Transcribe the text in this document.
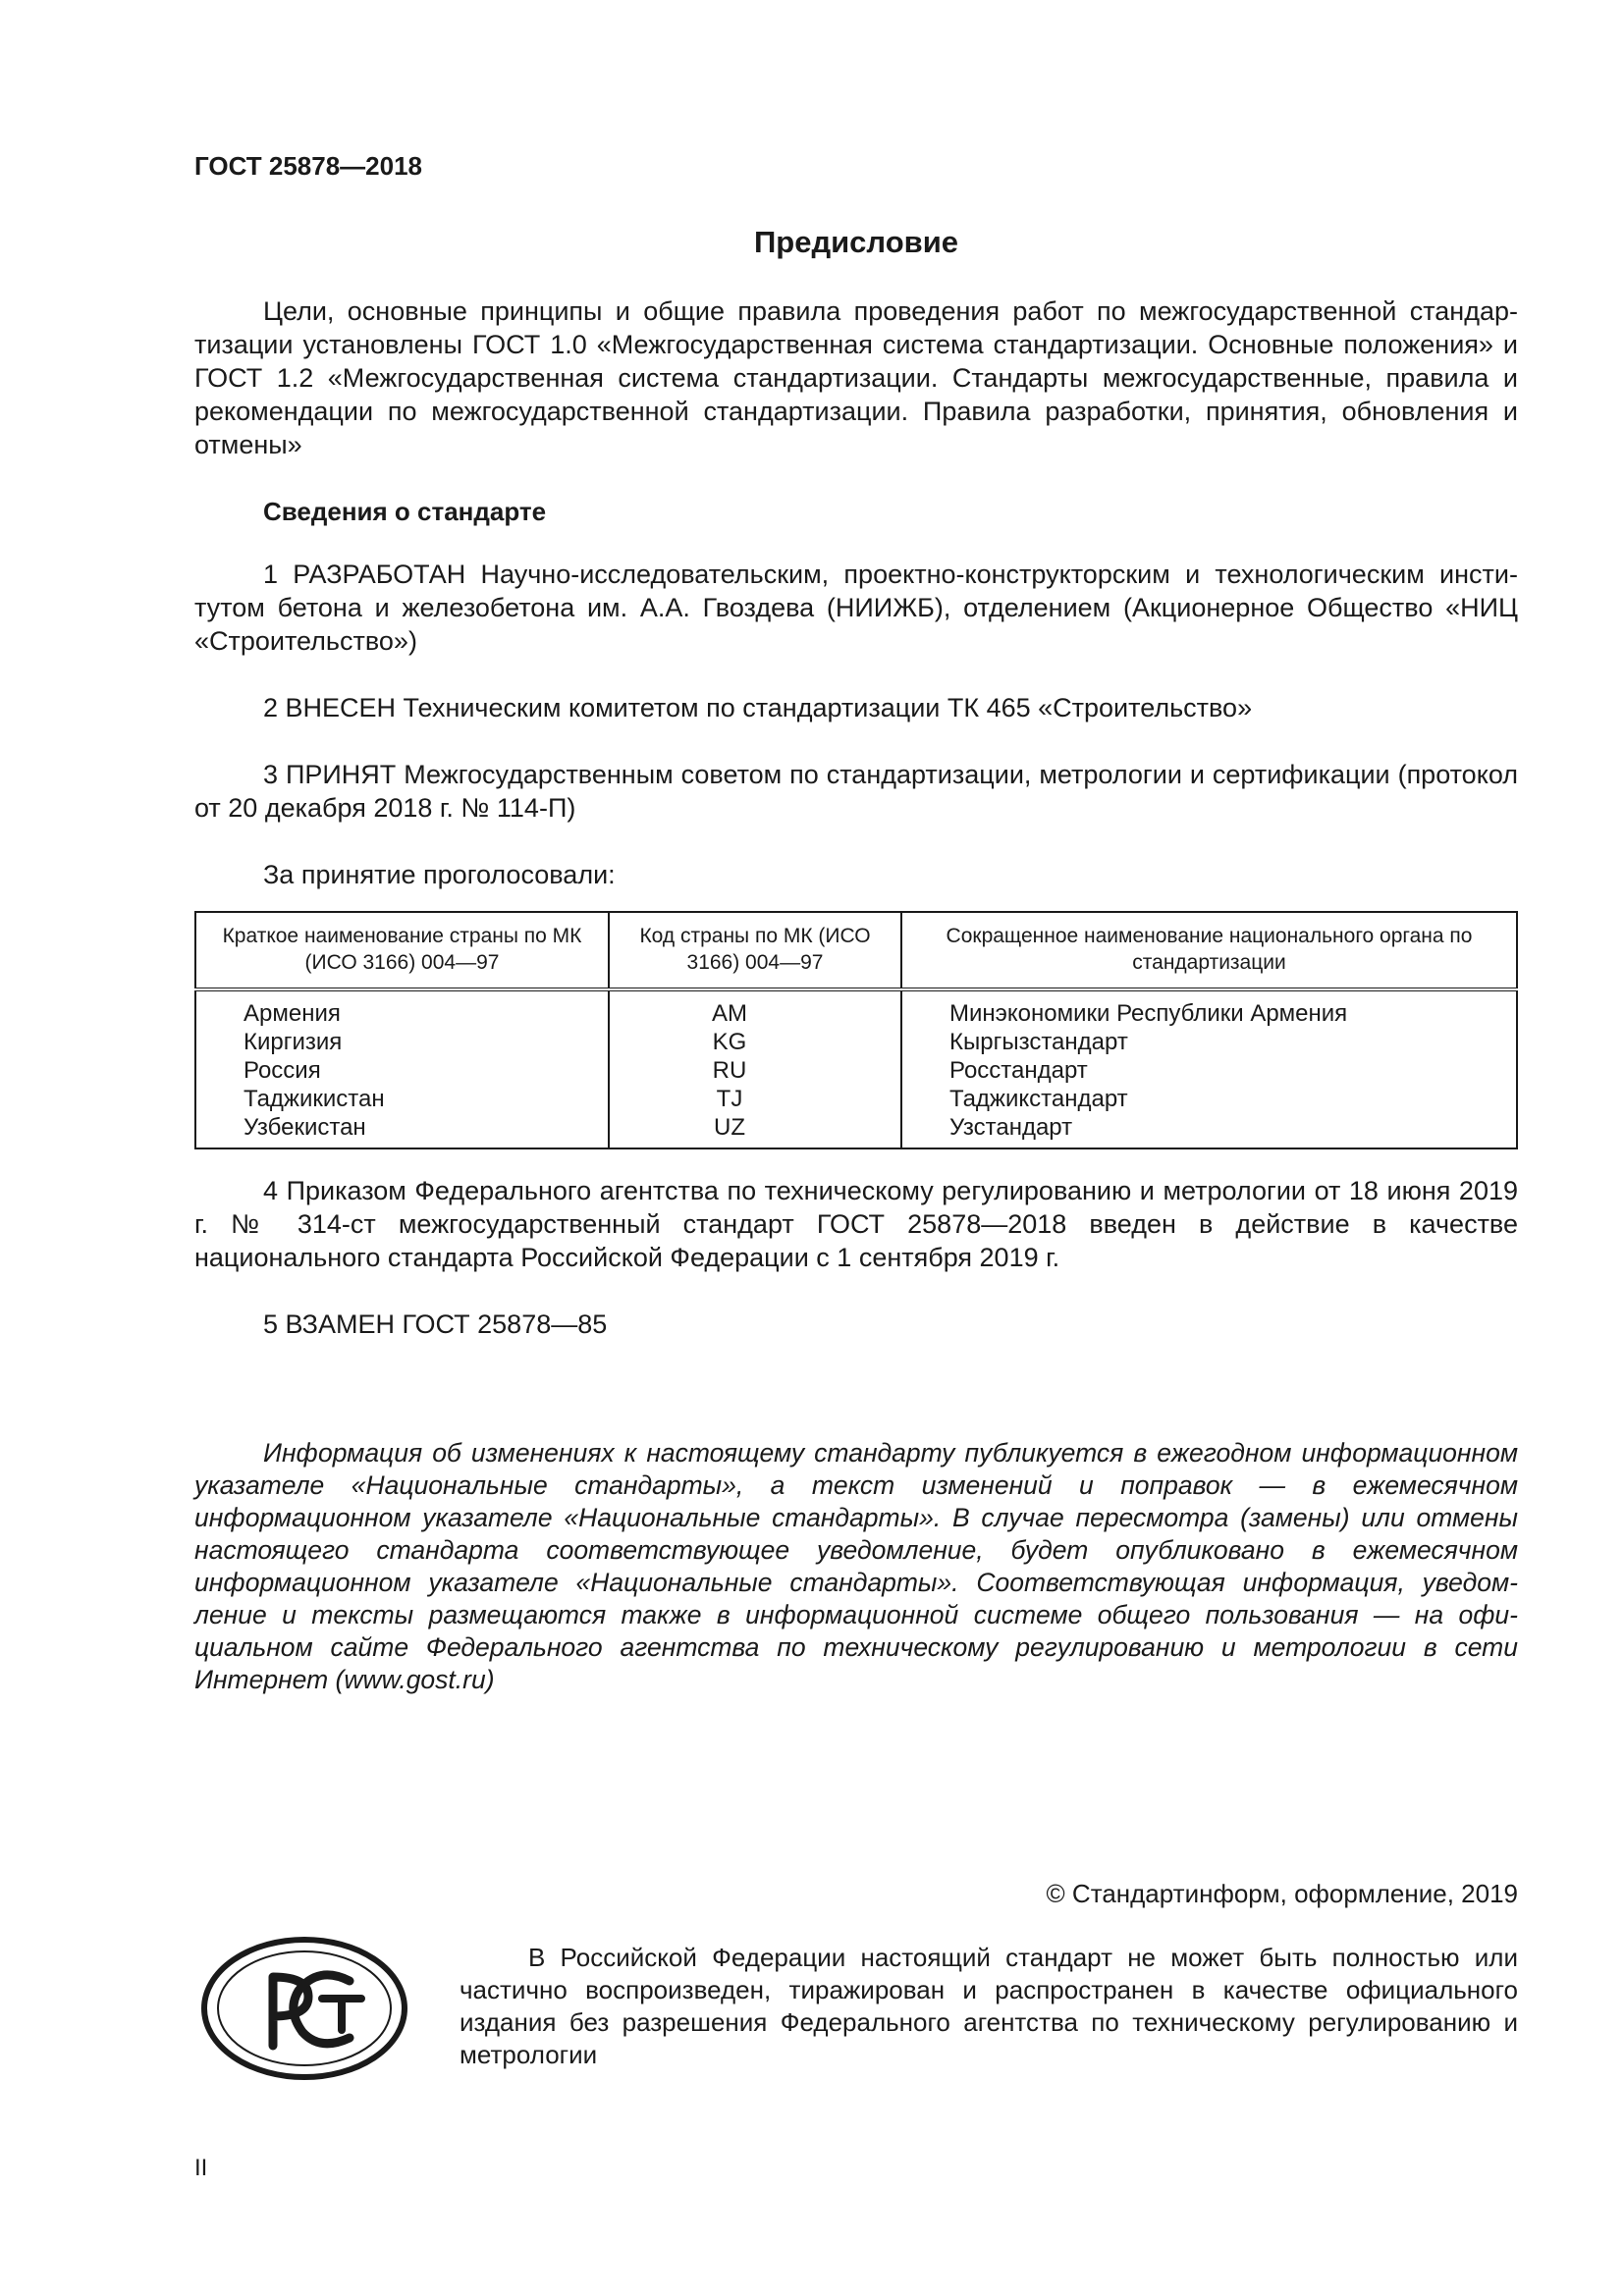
ГОСТ 25878—2018
Предисловие

Цели, основные принципы и общие правила проведения работ по межгосударственной стандартизации установлены ГОСТ 1.0 «Межгосударственная система стандартизации. Основные положения» и ГОСТ 1.2 «Межгосударственная система стандартизации. Стандарты межгосударственные, правила и рекомендации по межгосударственной стандартизации. Правила разработки, принятия, обновления и отмены»

Сведения о стандарте

1 РАЗРАБОТАН Научно-исследовательским, проектно-конструкторским и технологическим институтом бетона и железобетона им. А.А. Гвоздева (НИИЖБ), отделением (Акционерное Общество «НИЦ «Строительство»)

2 ВНЕСЕН Техническим комитетом по стандартизации ТК 465 «Строительство»

3 ПРИНЯТ Межгосударственным советом по стандартизации, метрологии и сертификации (протокол от 20 декабря 2018 г. № 114-П)

За принятие проголосовали:
Краткое наименование страны по МК (ИСО 3166) 004—97	Код страны по МК (ИСО 3166) 004—97	Сокращенное наименование национального органа по стандартизации
Армения	AM	Минэкономики Республики Армения
Киргизия	KG	Кыргызстандарт
Россия	RU	Росстандарт
Таджикистан	TJ	Таджикстандарт
Узбекистан	UZ	Узстандарт

4 Приказом Федерального агентства по техническому регулированию и метрологии от 18 июня 2019 г. № 314-ст межгосударственный стандарт ГОСТ 25878—2018 введен в действие в качестве национального стандарта Российской Федерации с 1 сентября 2019 г.

5 ВЗАМЕН ГОСТ 25878—85

Информация об изменениях к настоящему стандарту публикуется в ежегодном информационном указателе «Национальные стандарты», а текст изменений и поправок — в ежемесячном информационном указателе «Национальные стандарты». В случае пересмотра (замены) или отмены настоящего стандарта соответствующее уведомление, будет опубликовано в ежемесячном информационном указателе «Национальные стандарты». Соответствующая информация, уведомление и тексты размещаются также в информационной системе общего пользования — на официальном сайте Федерального агентства по техническому регулированию и метрологии в сети Интернет (www.gost.ru)

© Стандартинформ, оформление, 2019

В Российской Федерации настоящий стандарт не может быть полностью или частично воспроизведен, тиражирован и распространен в качестве официального издания без разрешения Федерального агентства по техническому регулированию и метрологии

II
